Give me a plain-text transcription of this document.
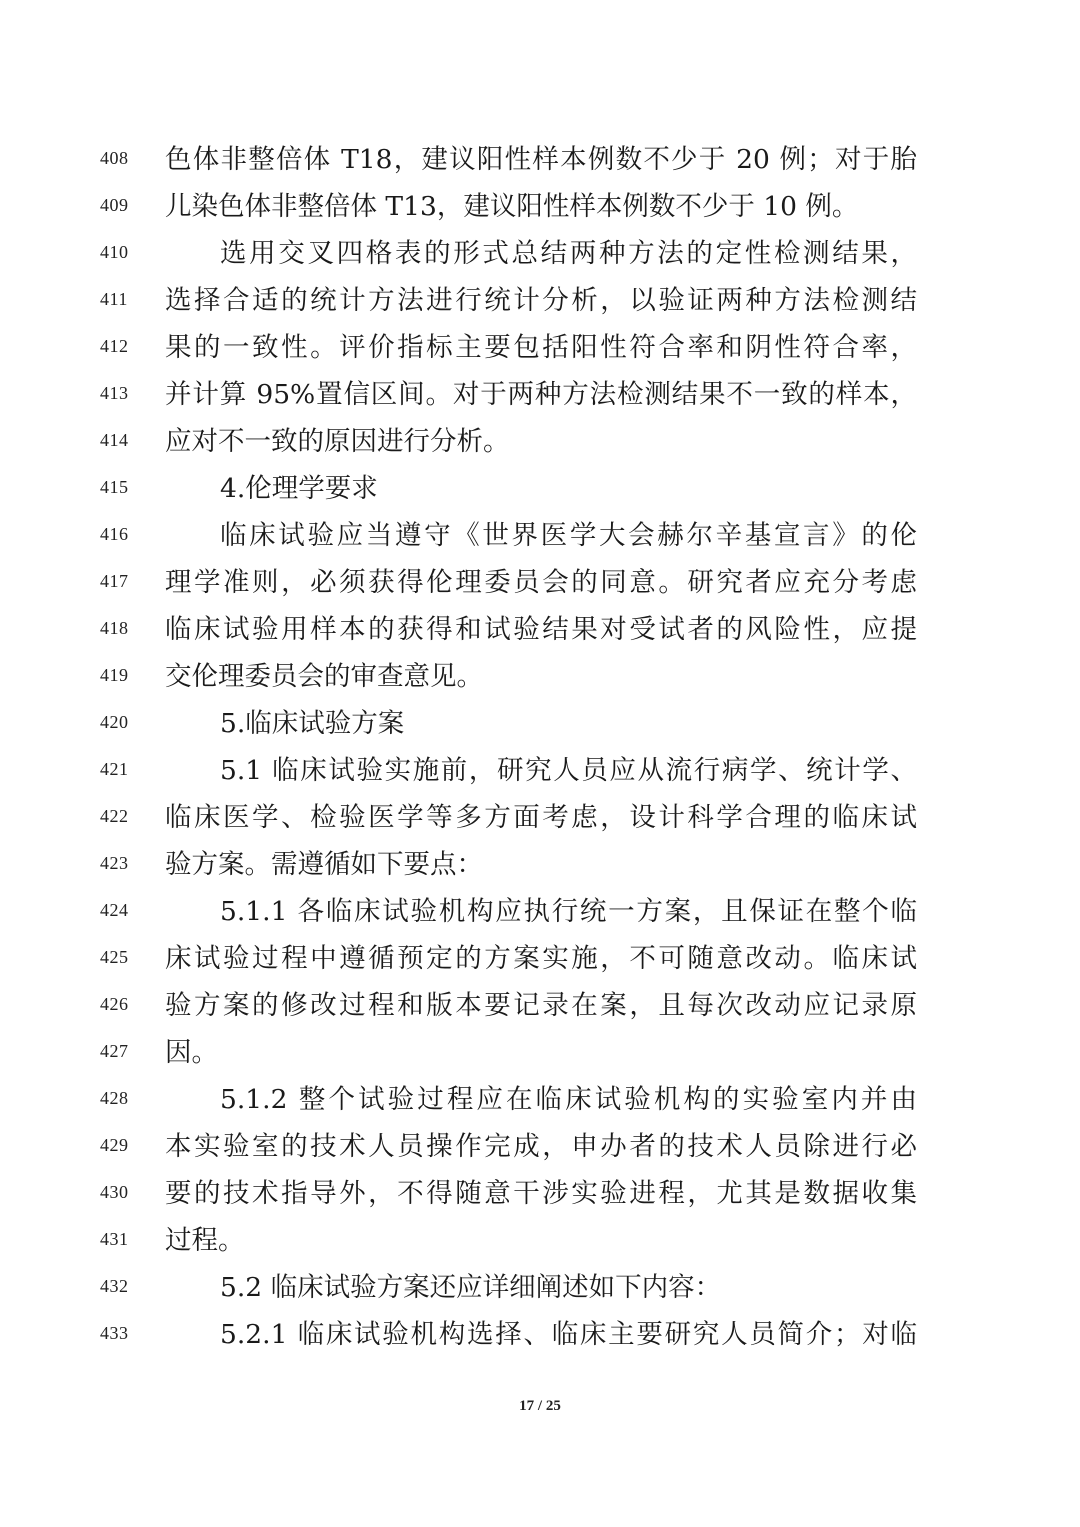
408	色体非整倍体 T18，建议阳性样本例数不少于 20 例；对于胎
409	儿染色体非整倍体 T13，建议阳性样本例数不少于 10 例。
410	选用交叉四格表的形式总结两种方法的定性检测结果，
411	选择合适的统计方法进行统计分析，以验证两种方法检测结
412	果的一致性。评价指标主要包括阳性符合率和阴性符合率，
413	并计算 95%置信区间。对于两种方法检测结果不一致的样本，
414	应对不一致的原因进行分析。
415	4.伦理学要求
416	临床试验应当遵守《世界医学大会赫尔辛基宣言》的伦
417	理学准则，必须获得伦理委员会的同意。研究者应充分考虑
418	临床试验用样本的获得和试验结果对受试者的风险性，应提
419	交伦理委员会的审查意见。
420	5.临床试验方案
421	5.1 临床试验实施前，研究人员应从流行病学、统计学、
422	临床医学、检验医学等多方面考虑，设计科学合理的临床试
423	验方案。需遵循如下要点：
424	5.1.1 各临床试验机构应执行统一方案，且保证在整个临
425	床试验过程中遵循预定的方案实施，不可随意改动。临床试
426	验方案的修改过程和版本要记录在案，且每次改动应记录原
427	因。
428	5.1.2 整个试验过程应在临床试验机构的实验室内并由
429	本实验室的技术人员操作完成，申办者的技术人员除进行必
430	要的技术指导外，不得随意干涉实验进程，尤其是数据收集
431	过程。
432	5.2 临床试验方案还应详细阐述如下内容：
433	5.2.1 临床试验机构选择、临床主要研究人员简介；对临
17 / 25
